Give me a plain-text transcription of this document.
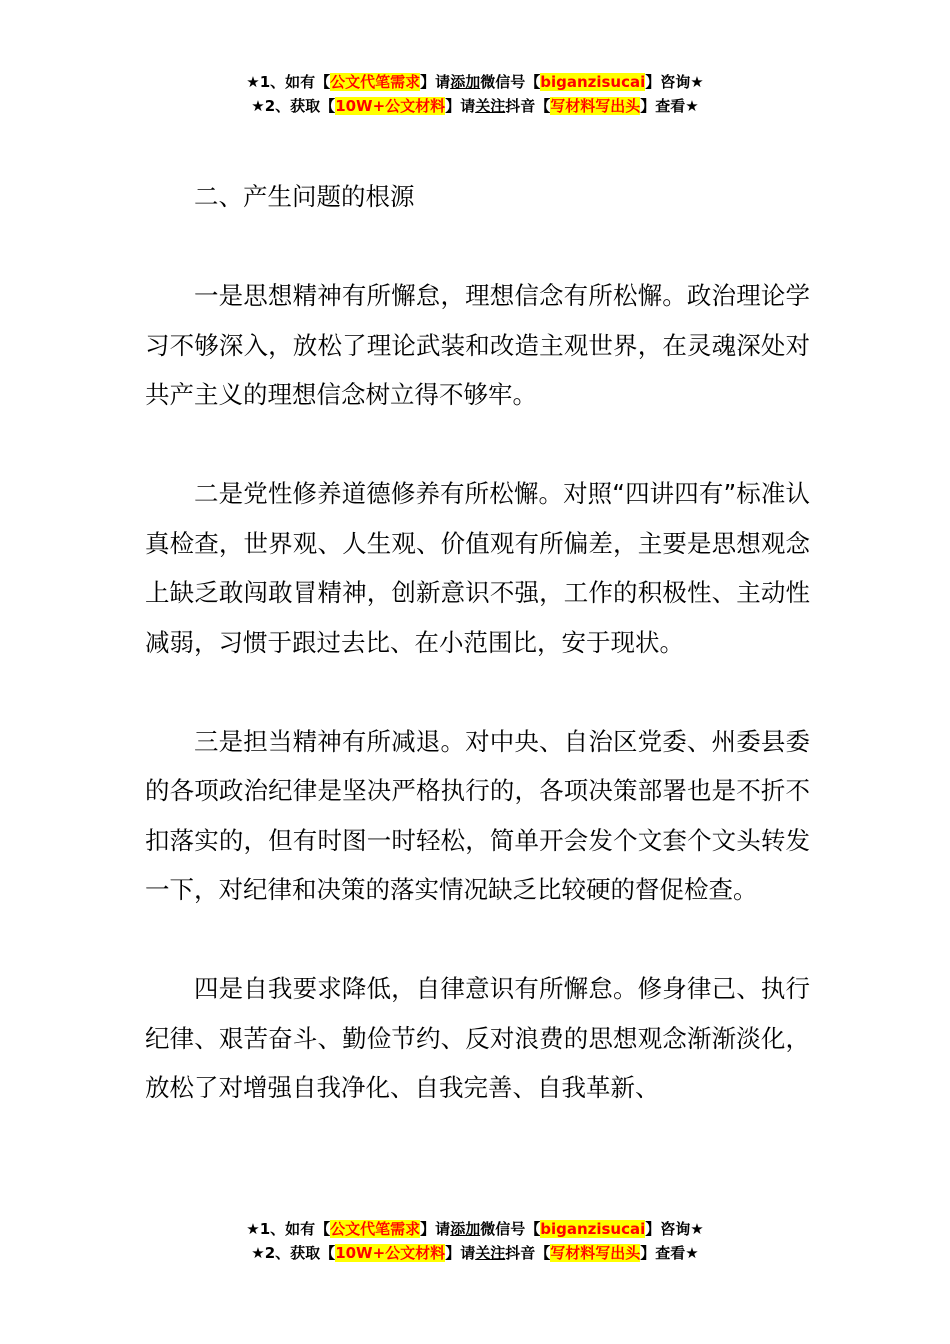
★1、如有【公文代笔需求】请添加微信号【biganzisucai】咨询★
★2、获取【10W+公文材料】请关注抖音【写材料写出头】查看★

二、产生问题的根源

一是思想精神有所懈怠，理想信念有所松懈。政治理论学习不够深入，放松了理论武装和改造主观世界，在灵魂深处对共产主义的理想信念树立得不够牢。

二是党性修养道德修养有所松懈。对照“四讲四有”标准认真检查，世界观、人生观、价值观有所偏差，主要是思想观念上缺乏敢闯敢冒精神，创新意识不强，工作的积极性、主动性减弱，习惯于跟过去比、在小范围比，安于现状。

三是担当精神有所减退。对中央、自治区党委、州委县委的各项政治纪律是坚决严格执行的，各项决策部署也是不折不扣落实的，但有时图一时轻松，简单开会发个文套个文头转发一下，对纪律和决策的落实情况缺乏比较硬的督促检查。

四是自我要求降低，自律意识有所懈怠。修身律己、执行纪律、艰苦奋斗、勤俭节约、反对浪费的思想观念渐渐淡化，放松了对增强自我净化、自我完善、自我革新、

★1、如有【公文代笔需求】请添加微信号【biganzisucai】咨询★
★2、获取【10W+公文材料】请关注抖音【写材料写出头】查看★
